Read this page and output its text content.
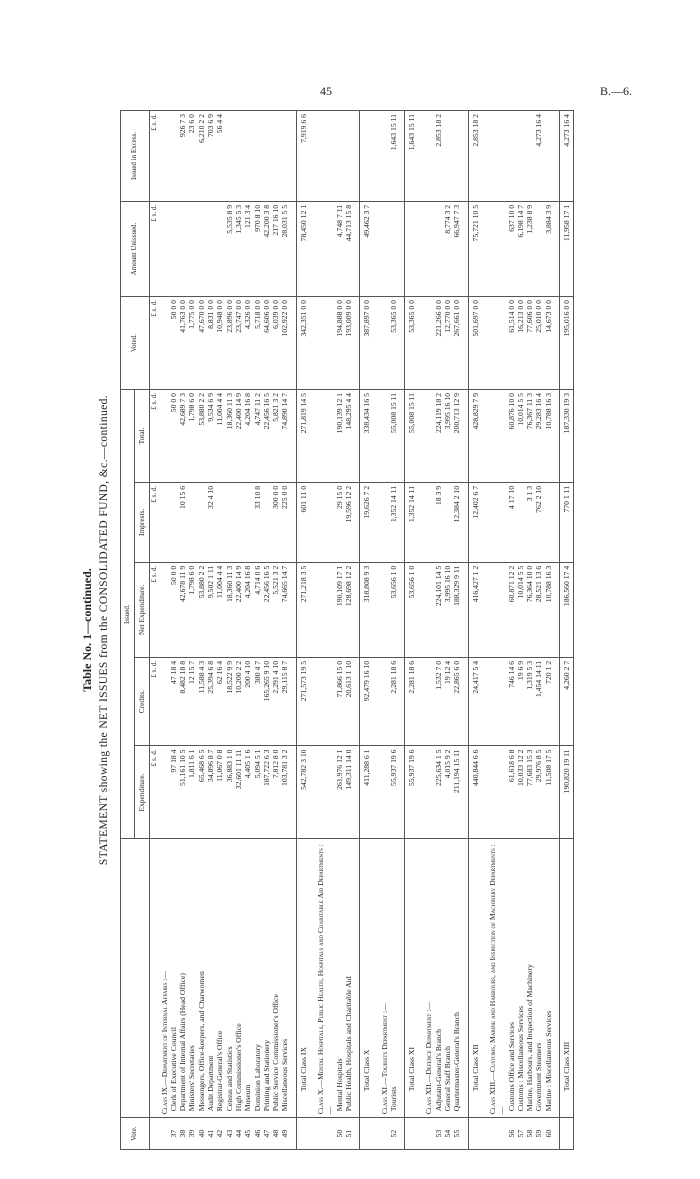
45	B.—6.
Table No. 1—continued. STATEMENT showing the NET ISSUES from the CONSOLIDATED FUND, &c.—continued.
Vote.		Issued.					Voted.	Amount Unissued.	Issued in Excess.
		Expenditure.	Credits.	Net Expenditure.	Imprests.	Total.			
		£ s. d.	£ s. d.	£ s. d.	£ s. d.	£ s. d.	£ s. d.	£ s. d.	£ s. d.
	Class IX.—Department of Internal Affairs :—								
37	Clerk of Executive Council	97 18 4	47 18 4	50 0 0		50 0 0	50 0 0		
38	Department of Internal Affairs (Head Office)	51,161 10 5	8,482 18 8	42,678 11 9	10 15 6	42,689 7 3	41,763 0 0		926 7 3
39	Ministers' Secretaries	1,811 6 1	12 15 7	1,798 6 0		1,798 6 0	1,775 0 0		23 6 0
40	Messengers, Office-keepers, and Charwomen	65,468 6 5	11,588 4 3	53,880 2 2		53,880 2 2	47,670 0 0		6,210 2 2
41	Audit Department	34,896 8 7	25,394 6 8	9,502 1 11	32 4 10	9,534 6 9	8,831 0 0		703 6 9
42	Registrar-General's Office	11,067 0 8	62 16 4	11,004 4 4		11,004 4 4	10,948 0 0		56 4 4
43	Census and Statistics	36,883 1 0	18,522 9 9	18,360 11 3		18,360 11 3	23,896 0 0	5,535 8 9	
44	High Commissioner's Office	32,601 11 11	10,200 2 2	22,400 14 9		22,400 14 9	23,747 0 0	1,345 5 3	
45	Museum	4,405 1 6	200 4 10	4,204 16 8		4,204 16 8	4,326 0 0	121 3 4	
46	Dominion Laboratory	5,094 5 1	380 4 7	4,714 0 6	33 10 8	4,747 11 2	5,718 0 0	970 8 10	
47	Printing and Stationery	187,722 6 3	165,265 9 10	22,456 16 5		22,456 16 5	64,606 0 0	42,200 3 8	
48	Public Service Commissioner's Office	7,812 8 0	2,291 4 10	5,521 3 2	300 0 0	5,821 3 2	6,039 0 0	217 16 10	
49	Miscellaneous Services	103,781 3 2	29,115 8 7	74,665 14 7	225 0 0	74,890 14 7	102,922 0 0	28,031 5 5	

	Total Class IX	542,782 3 10	271,573 19 5	271,218 3 5	601 11 0	271,819 14 5	342,351 0 0	78,450 12 1	7,919 6 6

	Class X.—Mental Hospitals, Public Health, Hospitals and Charitable Aid Departments :—								
50	Mental Hospitals	261,976 12 1	71,866 15 0	190,109 17 1	29 15 0	190,139 12 1	194,888 0 0	4,748 7 11	
51	Public Health, Hospitals and Charitable Aid	149,311 14 0	20,613 1 10	128,698 12 2	19,596 12 2	148,295 4 4	193,009 0 0	44,713 15 8	

	Total Class X	411,288 6 1	92,479 16 10	318,808 9 3	19,626 7 2	338,434 16 5	387,897 0 0	49,462 3 7	

	Class XI.—Tourists Department :—								
52	Tourists	55,937 19 6	2,281 18 6	53,656 1 0	1,352 14 11	55,008 15 11	53,365 0 0		1,643 15 11

	Total Class XI	55,937 19 6	2,281 18 6	53,656 1 0	1,352 14 11	55,008 15 11	53,365 0 0		1,643 15 11

	Class XII.—Defence Department :—								
53	Adjutant-General's Branch	225,634 1 5	1,532 7 0	224,101 14 5	18 3 9	224,119 18 2	221,266 0 0		2,853 18 2
54	General Staff Branch	4,015 9 2	19 12 4	3,995 16 10		3,995 16 10	12,770 0 0	8,774 3 2	
55	Quartermaster-General's Branch	211,194 15 11	22,865 6 0	188,329 9 11	12,384 2 10	200,713 12 9	267,661 0 0	66,947 7 3	

	Total Class XII	440,844 6 6	24,417 5 4	416,427 1 2	12,402 6 7	428,829 7 9	501,697 0 0	75,721 10 5	2,853 18 2

	Class XIII.—Customs, Marine and Harbours, and Inspection of Machinery Departments :—								
56	Customs Office and Services	61,618 6 8	746 14 6	60,871 12 2	4 17 10	60,876 10 0	61,514 0 0	637 10 0	
57	Customs : Miscellaneous Services	10,033 12 2	19 6 9	10,014 5 5		10,014 5 5	16,213 0 0	6,198 14 7	
58	Marine, Harbours, and Inspection of Machinery	77,683 15 3	1,319 5 3	76,364 10 0	3 1 3	76,367 11 3	77,606 0 0	1,238 8 9	
59	Government Steamers	29,976 8 5	1,454 14 11	28,521 13 6	762 2 10	29,283 16 4	25,010 0 0		4,273 16 4
60	Marine : Miscellaneous Services	11,508 17 5	720 1 2	10,788 16 3		10,788 16 3	14,673 0 0	3,884 3 9	

	Total Class XIII	190,820 19 11	4,260 2 7	186,560 17 4	770 1 11	187,330 19 3	195,016 0 0	11,958 17 1	4,273 16 4
